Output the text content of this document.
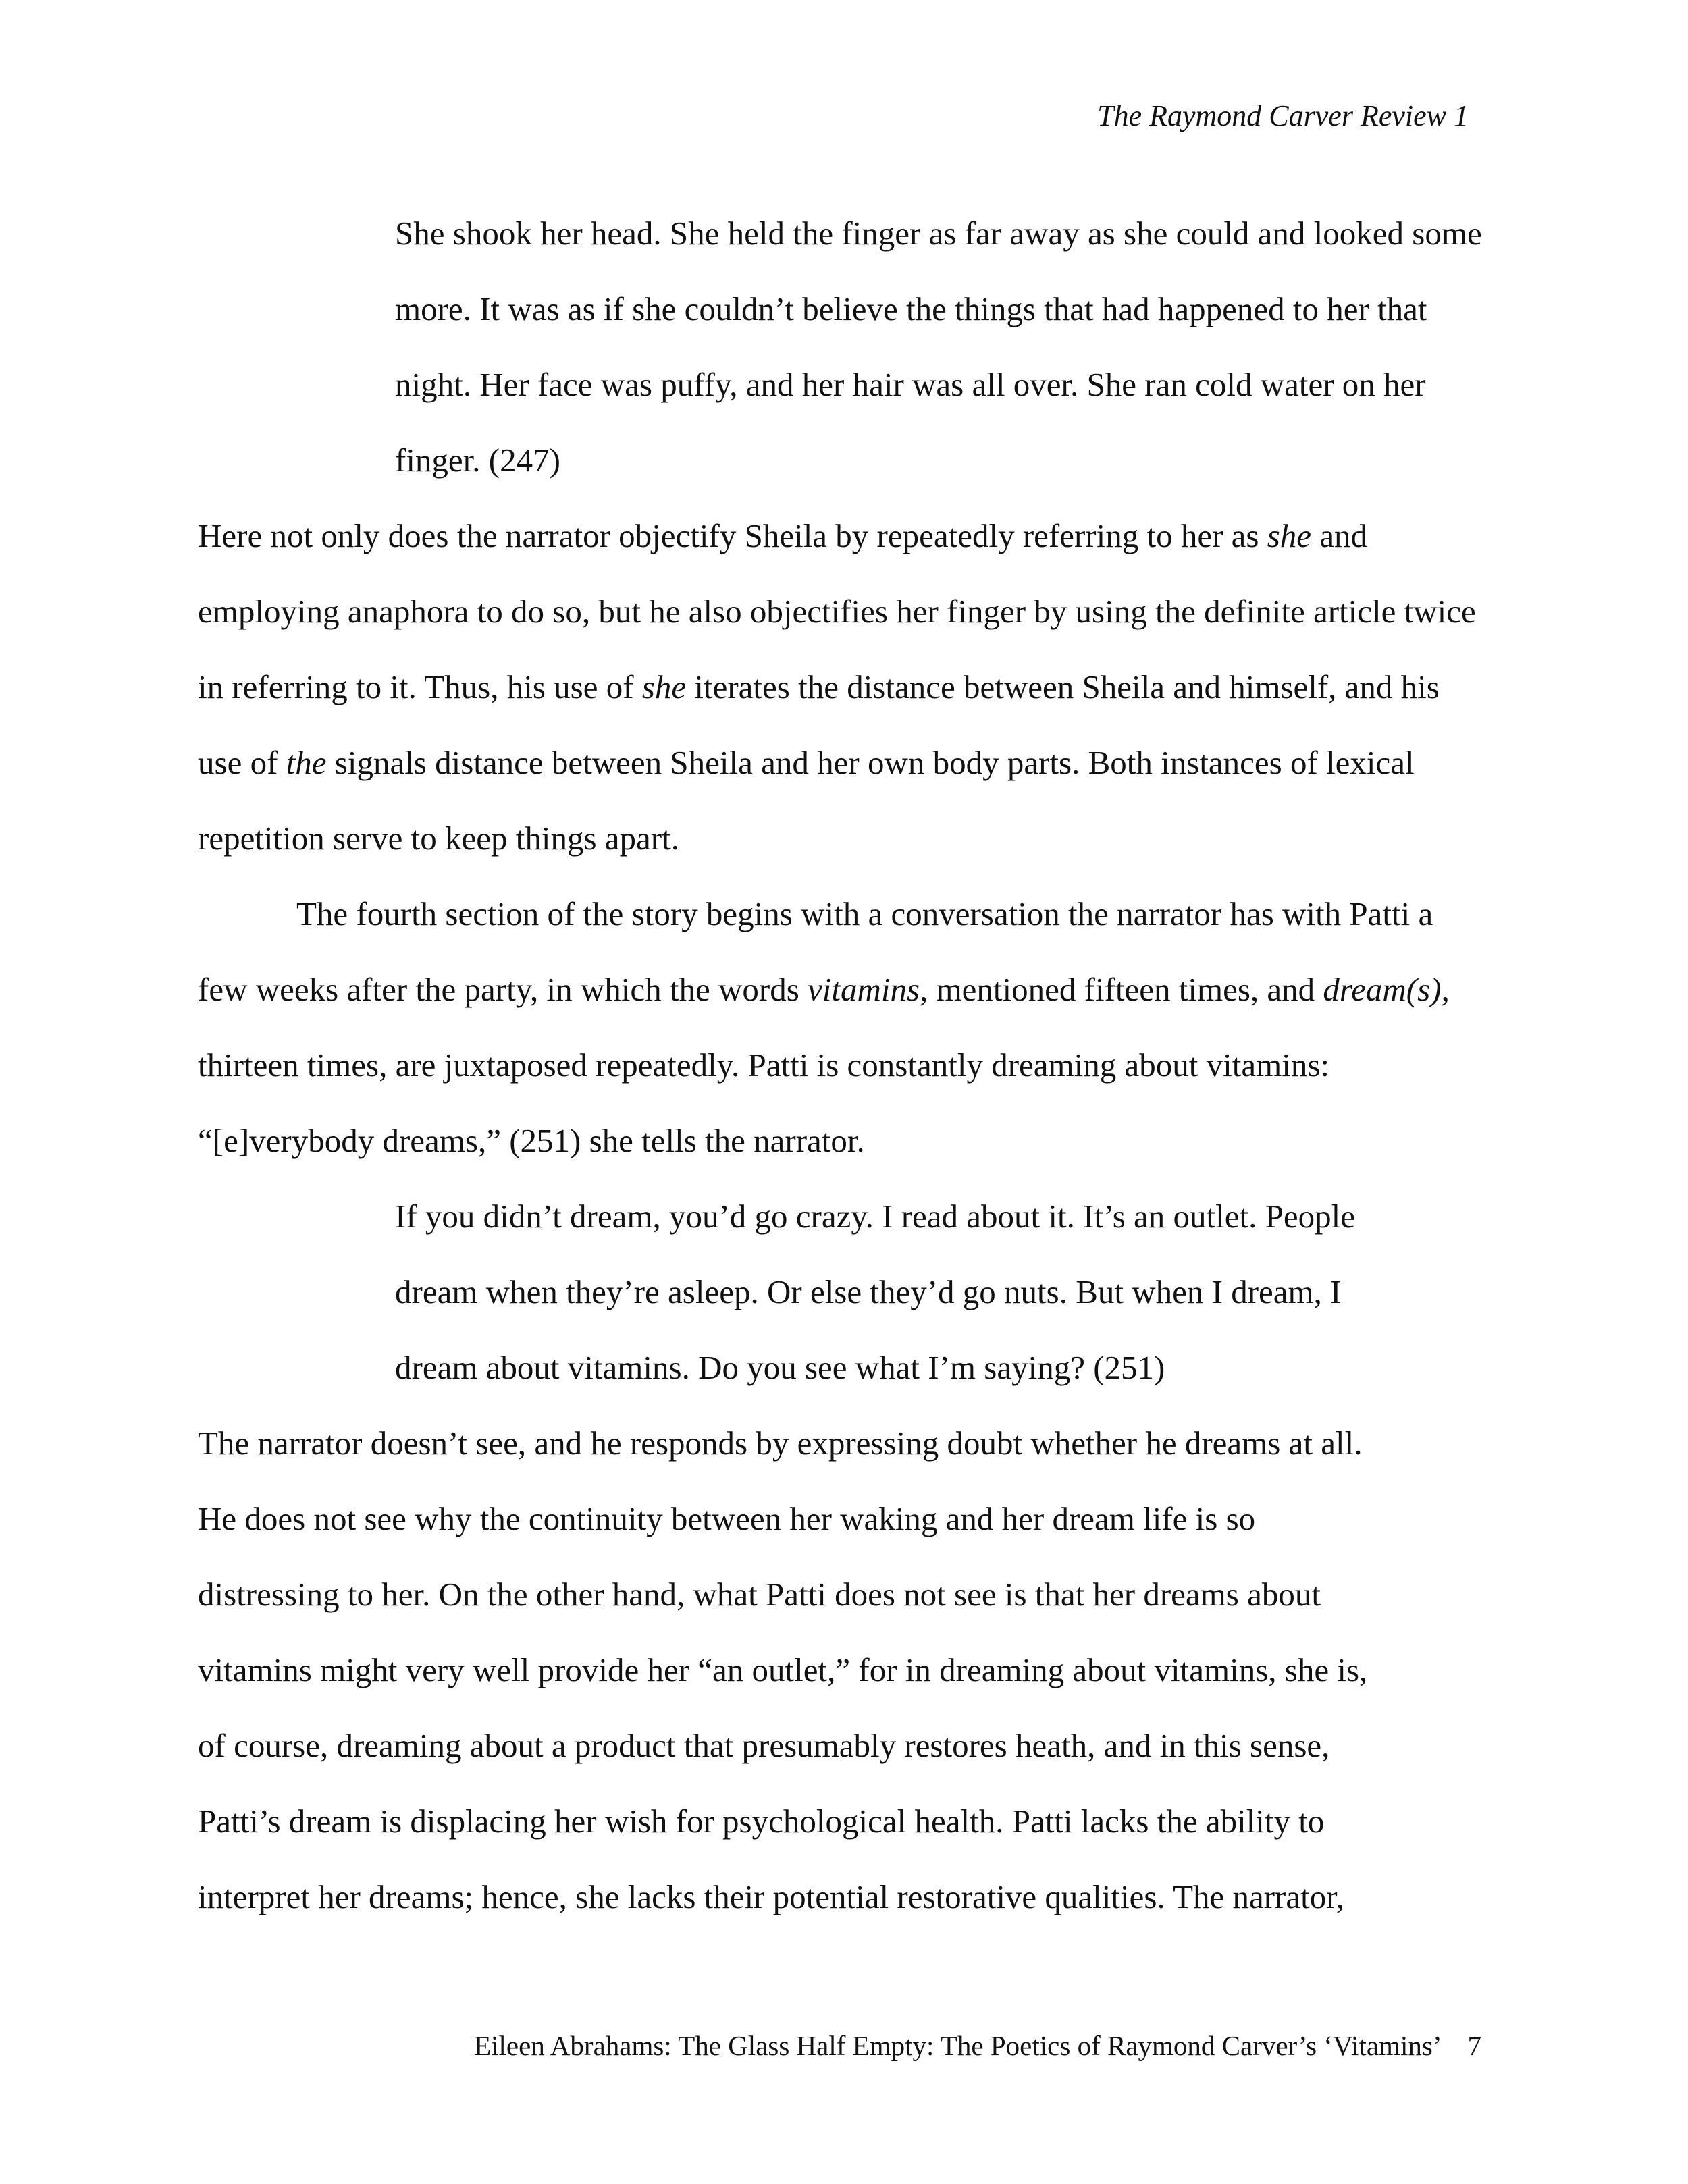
The Raymond Carver Review 1
She shook her head. She held the finger as far away as she could and looked some
more. It was as if she couldn’t believe the things that had happened to her that
night. Her face was puffy, and her hair was all over. She ran cold water on her
finger. (247)
Here not only does the narrator objectify Sheila by repeatedly referring to her as she and
employing anaphora to do so, but he also objectifies her finger by using the definite article twice
in referring to it. Thus, his use of she iterates the distance between Sheila and himself, and his
use of the signals distance between Sheila and her own body parts. Both instances of lexical
repetition serve to keep things apart.
The fourth section of the story begins with a conversation the narrator has with Patti a
few weeks after the party, in which the words vitamins, mentioned fifteen times, and dream(s),
thirteen times, are juxtaposed repeatedly. Patti is constantly dreaming about vitamins:
“[e]verybody dreams,” (251) she tells the narrator.
If you didn’t dream, you’d go crazy. I read about it. It’s an outlet. People
dream when they’re asleep. Or else they’d go nuts. But when I dream, I
dream about vitamins. Do you see what I’m saying? (251)
The narrator doesn’t see, and he responds by expressing doubt whether he dreams at all.
He does not see why the continuity between her waking and her dream life is so
distressing to her. On the other hand, what Patti does not see is that her dreams about
vitamins might very well provide her “an outlet,” for in dreaming about vitamins, she is,
of course, dreaming about a product that presumably restores heath, and in this sense,
Patti’s dream is displacing her wish for psychological health. Patti lacks the ability to
interpret her dreams; hence, she lacks their potential restorative qualities. The narrator,
Eileen Abrahams: The Glass Half Empty: The Poetics of Raymond Carver’s ‘Vitamins’ 7
